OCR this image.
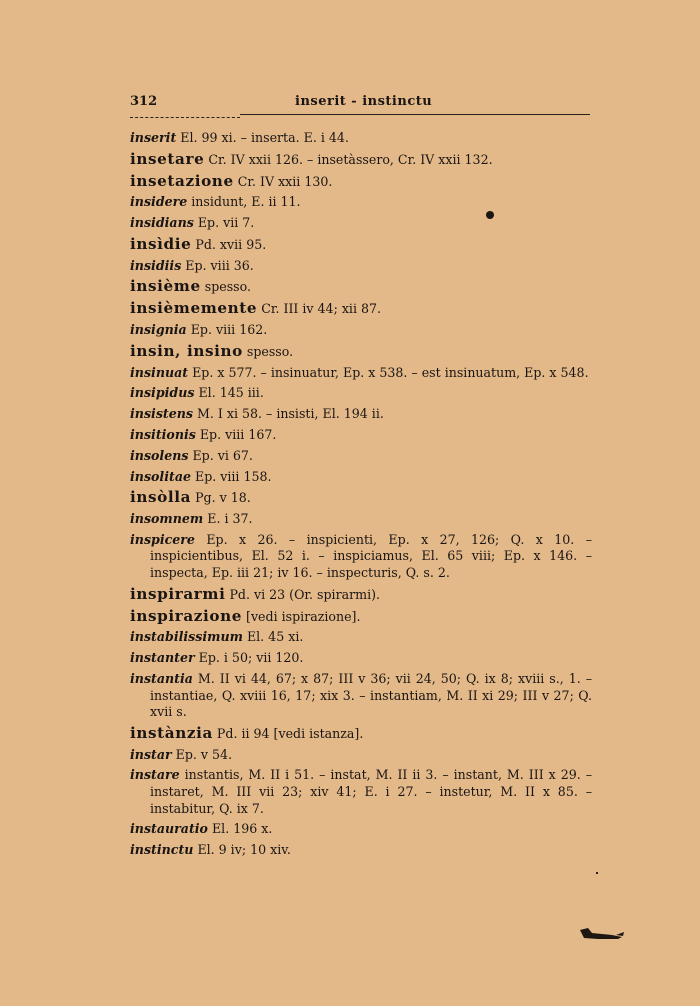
312	inserit - instinctu
inserit El. 99 xi. – inserta. E. i 44.
insetare Cr. IV xxii 126. – insetàssero, Cr. IV xxii 132.
insetazione Cr. IV xxii 130.
insidere insidunt, E. ii 11.
insidians Ep. vii 7.
insìdie Pd. xvii 95.
insidiis Ep. viii 36.
insième spesso.
insièmemente Cr. III iv 44; xii 87.
insignia Ep. viii 162.
insin, insino spesso.
insinuat Ep. x 577. – insinuatur, Ep. x 538. – est insinuatum, Ep. x 548.
insipidus El. 145 iii.
insistens M. I xi 58. – insisti, El. 194 ii.
insitionis Ep. viii 167.
insolens Ep. vi 67.
insolitae Ep. viii 158.
insòlla Pg. v 18.
insomnem E. i 37.
inspicere Ep. x 26. – inspicienti, Ep. x 27, 126; Q. x 10. – inspicientibus, El. 52 i. – inspiciamus, El. 65 viii; Ep. x 146. – inspecta, Ep. iii 21; iv 16. – inspecturis, Q. s. 2.
inspirarmi Pd. vi 23 (Or. spirarmi).
inspirazione [vedi ispirazione].
instabilissimum El. 45 xi.
instanter Ep. i 50; vii 120.
instantia M. II vi 44, 67; x 87; III v 36; vii 24, 50; Q. ix 8; xviii s., 1. – instantiae, Q. xviii 16, 17; xix 3. – instantiam, M. II xi 29; III v 27; Q. xvii s.
instànzia Pd. ii 94 [vedi istanza].
instar Ep. v 54.
instare instantis, M. II i 51. – instat, M. II ii 3. – instant, M. III x 29. – instaret, M. III vii 23; xiv 41; E. i 27. – instetur, M. II x 85. – instabitur, Q. ix 7.
instauratio El. 196 x.
instinctu El. 9 iv; 10 xiv.
